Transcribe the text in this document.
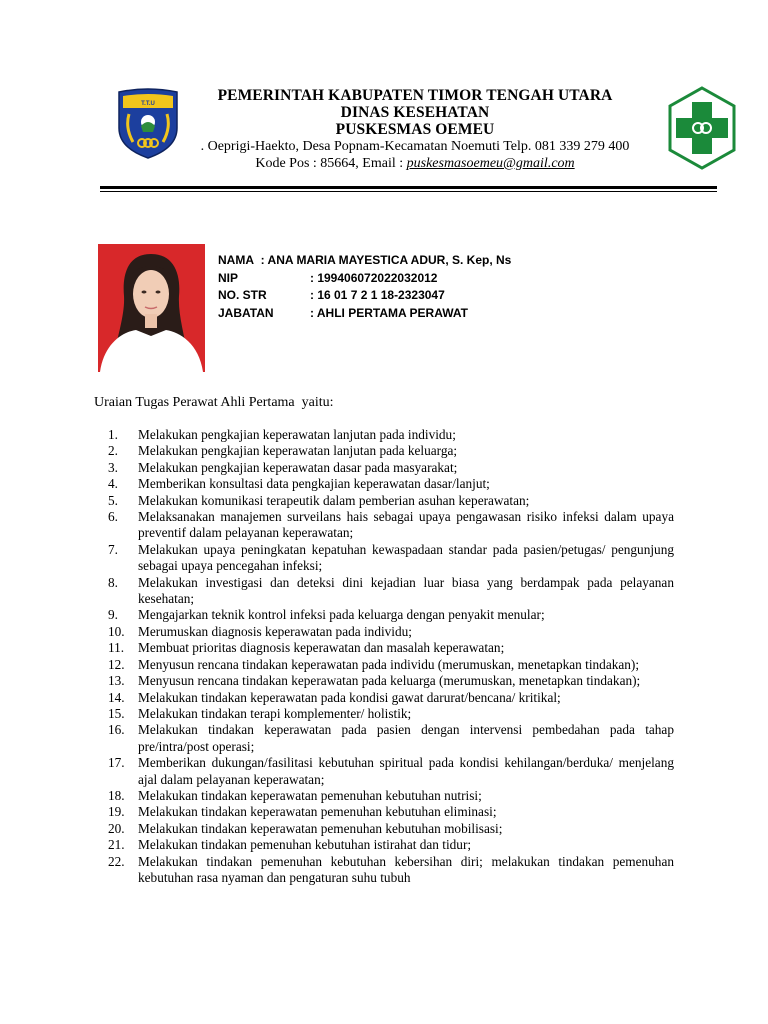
T.T.U	PEMERINTAH KABUPATEN TIMOR TENGAH UTARA
DINAS KESEHATAN
PUSKESMAS OEMEU
. Oeprigi-Haekto, Desa Popnam-Kecamatan Noemuti Telp. 081 339 279 400
Kode Pos : 85664, Email : puskesmasoemeu@gmail.com
NAMA  : ANA MARIA MAYESTICA ADUR, S. Kep, Ns
NIP	: 199406072022032012
NO. STR	: 16 01 7 2 1 18-2323047
JABATAN	: AHLI PERTAMA PERAWAT
Uraian Tugas Perawat Ahli Pertama  yaitu:
1. Melakukan pengkajian keperawatan lanjutan pada individu;
2. Melakukan pengkajian keperawatan lanjutan pada keluarga;
3. Melakukan pengkajian keperawatan dasar pada masyarakat;
4. Memberikan konsultasi data pengkajian keperawatan dasar/lanjut;
5. Melakukan komunikasi terapeutik dalam pemberian asuhan keperawatan;
6. Melaksanakan manajemen surveilans hais sebagai upaya pengawasan risiko infeksi dalam upaya preventif dalam pelayanan keperawatan;
7. Melakukan upaya peningkatan kepatuhan kewaspadaan standar pada pasien/petugas/ pengunjung sebagai upaya pencegahan infeksi;
8. Melakukan investigasi dan deteksi dini kejadian luar biasa yang berdampak pada pelayanan kesehatan;
9. Mengajarkan teknik kontrol infeksi pada keluarga dengan penyakit menular;
10. Merumuskan diagnosis keperawatan pada individu;
11. Membuat prioritas diagnosis keperawatan dan masalah keperawatan;
12. Menyusun rencana tindakan keperawatan pada individu (merumuskan, menetapkan tindakan);
13. Menyusun rencana tindakan keperawatan pada keluarga (merumuskan, menetapkan tindakan);
14. Melakukan tindakan keperawatan pada kondisi gawat darurat/bencana/ kritikal;
15. Melakukan tindakan terapi komplementer/ holistik;
16. Melakukan tindakan keperawatan pada pasien dengan intervensi pembedahan pada tahap pre/intra/post operasi;
17. Memberikan dukungan/fasilitasi kebutuhan spiritual pada kondisi kehilangan/berduka/ menjelang ajal dalam pelayanan keperawatan;
18. Melakukan tindakan keperawatan pemenuhan kebutuhan nutrisi;
19. Melakukan tindakan keperawatan pemenuhan kebutuhan eliminasi;
20. Melakukan tindakan keperawatan pemenuhan kebutuhan mobilisasi;
21. Melakukan tindakan pemenuhan kebutuhan istirahat dan tidur;
22. Melakukan tindakan pemenuhan kebutuhan kebersihan diri; melakukan tindakan pemenuhan kebutuhan rasa nyaman dan pengaturan suhu tubuh
